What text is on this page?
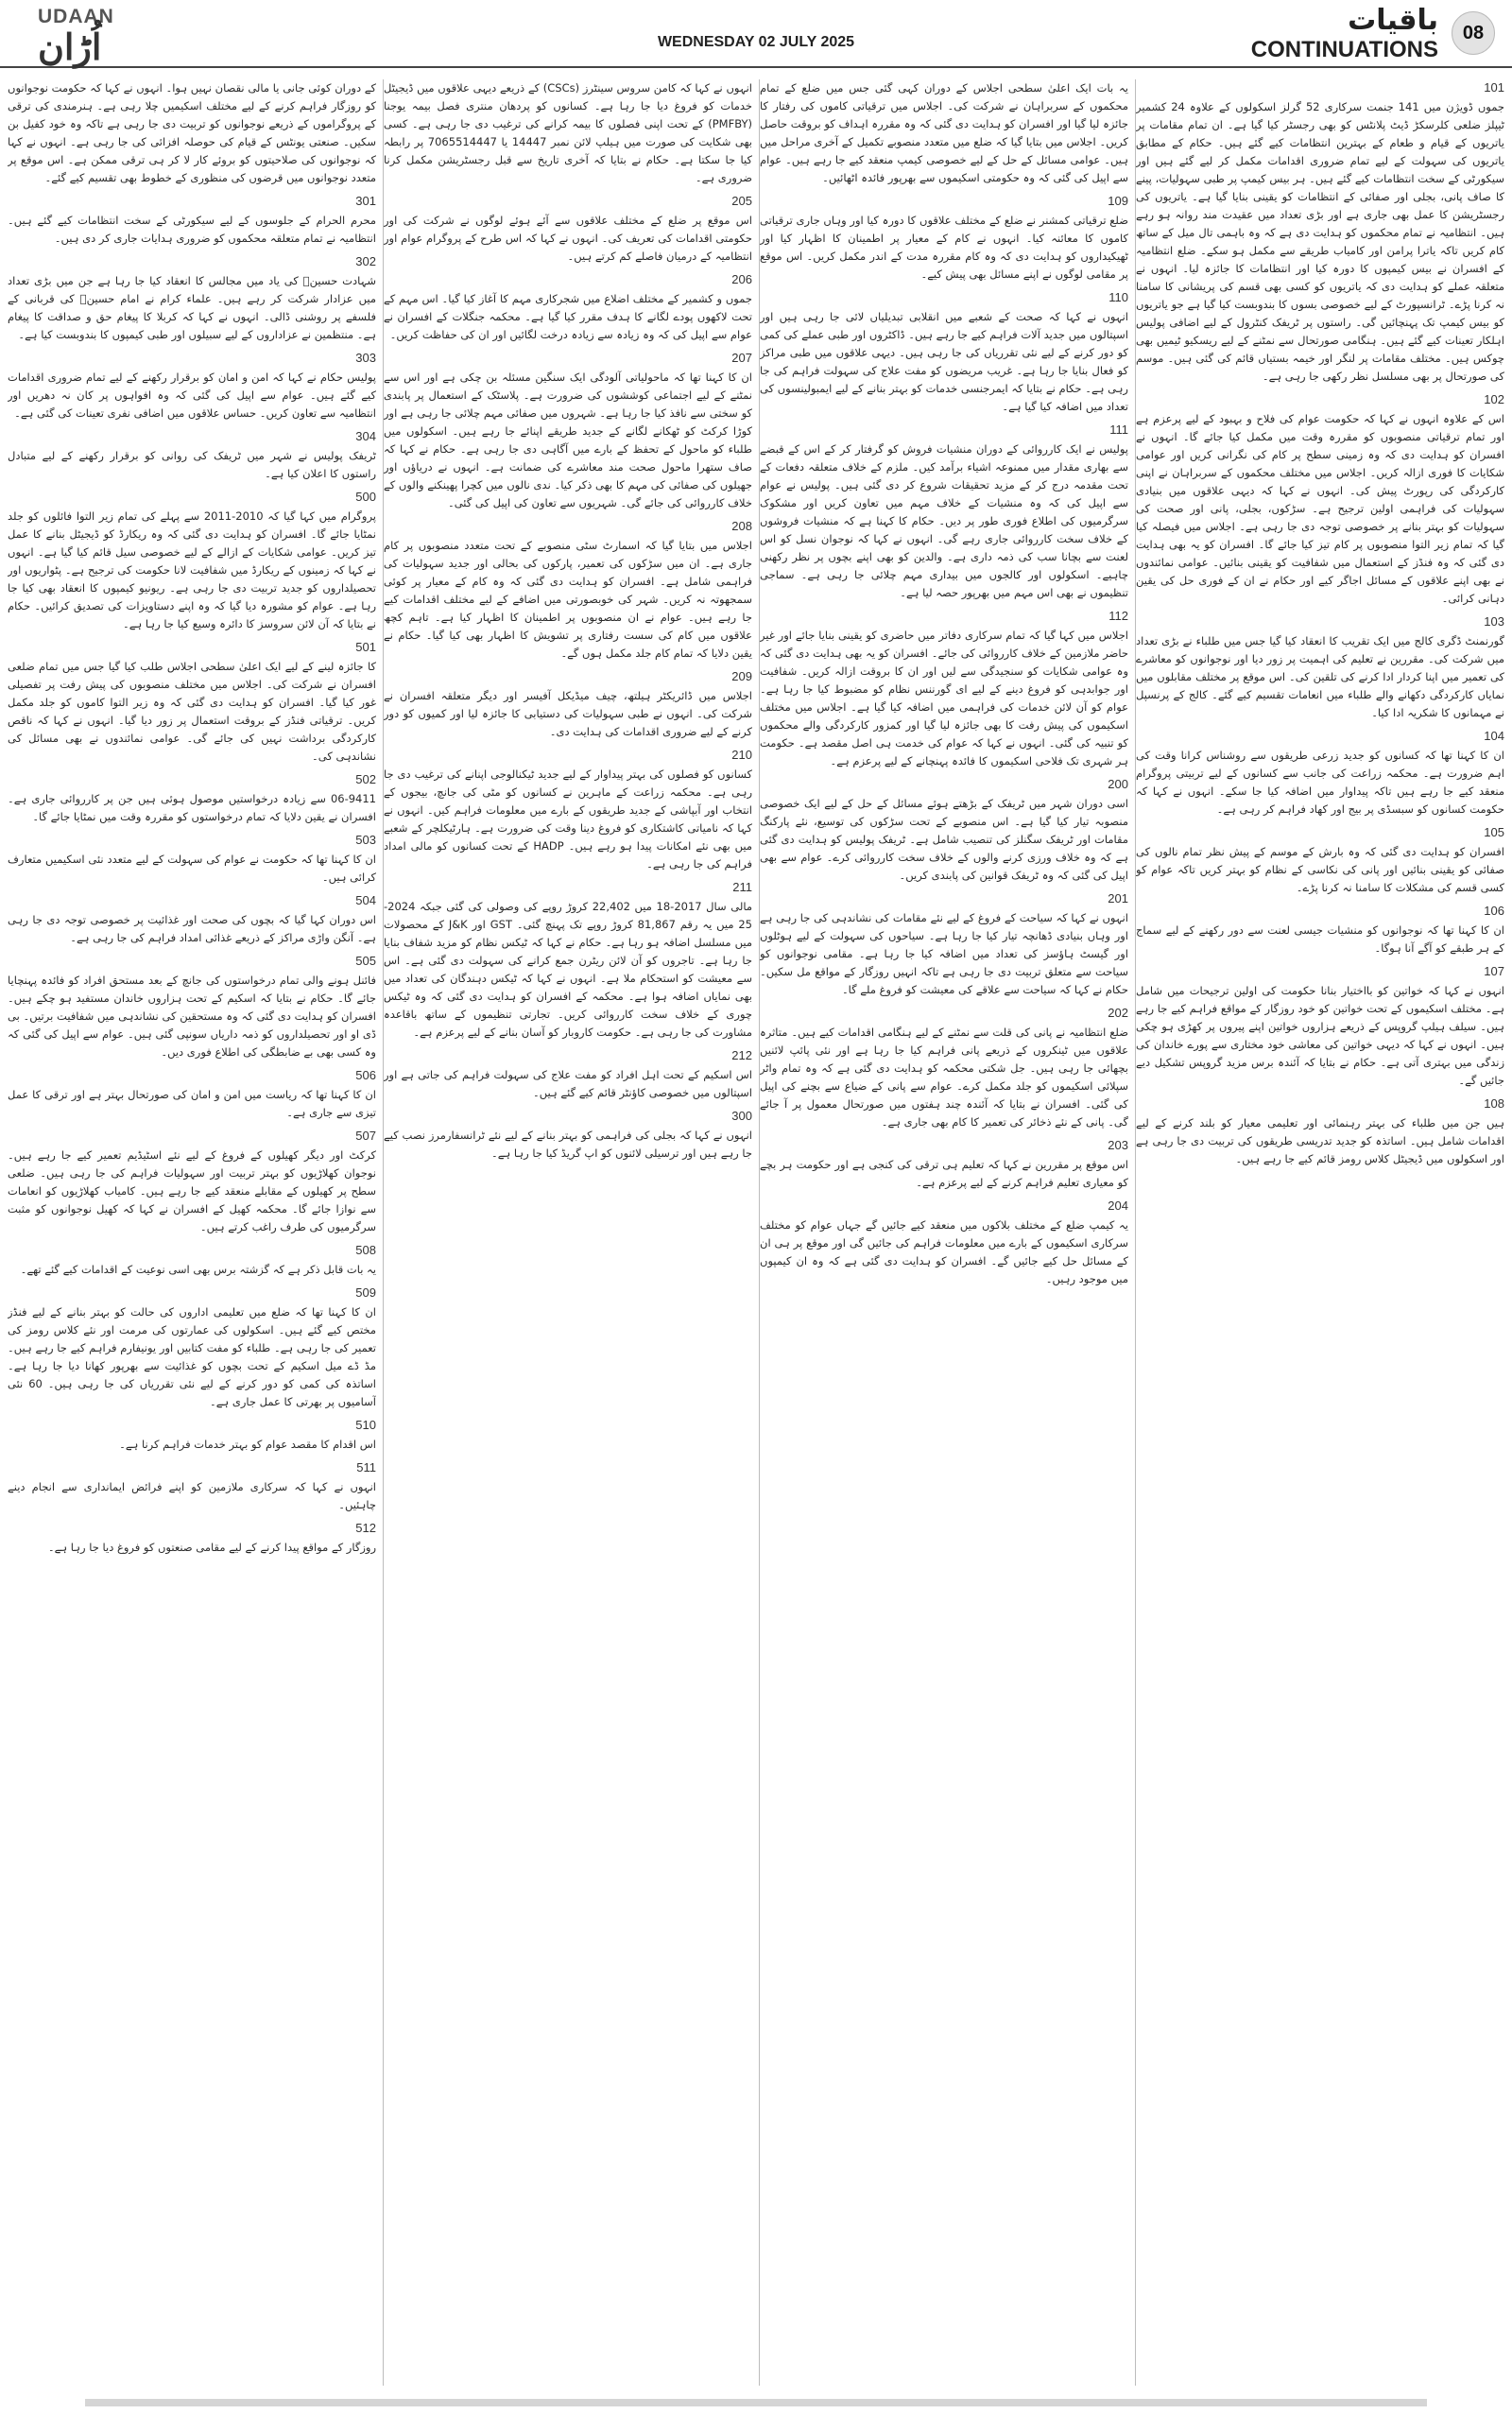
UDAAN
اُڑان	WEDNESDAY 02 JULY 2025
باقیات
CONTINUATIONS
08
101
جموں ڈویژن میں 141 جنمت سرکاری 52 گرلز اسکولوں کے علاوہ 24 کشمیر ٹیپلز ضلعی کلرسکڑ ڈیٹ پلانٹس کو بھی رجسٹر کیا گیا ہے۔ ان تمام مقامات پر یاتریوں کے قیام و طعام کے بہترین انتظامات کیے گئے ہیں۔ حکام کے مطابق یاتریوں کی سہولت کے لیے تمام ضروری اقدامات مکمل کر لیے گئے ہیں اور سیکورٹی کے سخت انتظامات کیے گئے ہیں۔ ہر بیس کیمپ پر طبی سہولیات، پینے کا صاف پانی، بجلی اور صفائی کے انتظامات کو یقینی بنایا گیا ہے۔ یاتریوں کی رجسٹریشن کا عمل بھی جاری ہے اور بڑی تعداد میں عقیدت مند روانہ ہو رہے ہیں۔ انتظامیہ نے تمام محکموں کو ہدایت دی ہے کہ وہ باہمی تال میل کے ساتھ کام کریں تاکہ یاترا پرامن اور کامیاب طریقے سے مکمل ہو سکے۔ ضلع انتظامیہ کے افسران نے بیس کیمپوں کا دورہ کیا اور انتظامات کا جائزہ لیا۔ انہوں نے متعلقہ عملے کو ہدایت دی کہ یاتریوں کو کسی بھی قسم کی پریشانی کا سامنا نہ کرنا پڑے۔ ٹرانسپورٹ کے لیے خصوصی بسوں کا بندوبست کیا گیا ہے جو یاتریوں کو بیس کیمپ تک پہنچائیں گی۔ راستوں پر ٹریفک کنٹرول کے لیے اضافی پولیس اہلکار تعینات کیے گئے ہیں۔ ہنگامی صورتحال سے نمٹنے کے لیے ریسکیو ٹیمیں بھی چوکس ہیں۔ مختلف مقامات پر لنگر اور خیمہ بستیاں قائم کی گئی ہیں۔ موسم کی صورتحال پر بھی مسلسل نظر رکھی جا رہی ہے۔
102
اس کے علاوہ انہوں نے کہا کہ حکومت عوام کی فلاح و بہبود کے لیے پرعزم ہے اور تمام ترقیاتی منصوبوں کو مقررہ وقت میں مکمل کیا جائے گا۔ انہوں نے افسران کو ہدایت دی کہ وہ زمینی سطح پر کام کی نگرانی کریں اور عوامی شکایات کا فوری ازالہ کریں۔ اجلاس میں مختلف محکموں کے سربراہان نے اپنی کارکردگی کی رپورٹ پیش کی۔ انہوں نے کہا کہ دیہی علاقوں میں بنیادی سہولیات کی فراہمی اولین ترجیح ہے۔ سڑکوں، بجلی، پانی اور صحت کی سہولیات کو بہتر بنانے پر خصوصی توجہ دی جا رہی ہے۔ اجلاس میں فیصلہ کیا گیا کہ تمام زیر التوا منصوبوں پر کام تیز کیا جائے گا۔ افسران کو یہ بھی ہدایت دی گئی کہ وہ فنڈز کے استعمال میں شفافیت کو یقینی بنائیں۔ عوامی نمائندوں نے بھی اپنے علاقوں کے مسائل اجاگر کیے اور حکام نے ان کے فوری حل کی یقین دہانی کرائی۔
103
گورنمنٹ ڈگری کالج میں ایک تقریب کا انعقاد کیا گیا جس میں طلباء نے بڑی تعداد میں شرکت کی۔ مقررین نے تعلیم کی اہمیت پر زور دیا اور نوجوانوں کو معاشرے کی تعمیر میں اپنا کردار ادا کرنے کی تلقین کی۔ اس موقع پر مختلف مقابلوں میں نمایاں کارکردگی دکھانے والے طلباء میں انعامات تقسیم کیے گئے۔ کالج کے پرنسپل نے مہمانوں کا شکریہ ادا کیا۔
104
ان کا کہنا تھا کہ کسانوں کو جدید زرعی طریقوں سے روشناس کرانا وقت کی اہم ضرورت ہے۔ محکمہ زراعت کی جانب سے کسانوں کے لیے تربیتی پروگرام منعقد کیے جا رہے ہیں تاکہ پیداوار میں اضافہ کیا جا سکے۔ انہوں نے کہا کہ حکومت کسانوں کو سبسڈی پر بیج اور کھاد فراہم کر رہی ہے۔
105
افسران کو ہدایت دی گئی کہ وہ بارش کے موسم کے پیش نظر تمام نالوں کی صفائی کو یقینی بنائیں اور پانی کی نکاسی کے نظام کو بہتر کریں تاکہ عوام کو کسی قسم کی مشکلات کا سامنا نہ کرنا پڑے۔
106
ان کا کہنا تھا کہ نوجوانوں کو منشیات جیسی لعنت سے دور رکھنے کے لیے سماج کے ہر طبقے کو آگے آنا ہوگا۔
107
انہوں نے کہا کہ خواتین کو بااختیار بنانا حکومت کی اولین ترجیحات میں شامل ہے۔ مختلف اسکیموں کے تحت خواتین کو خود روزگار کے مواقع فراہم کیے جا رہے ہیں۔ سیلف ہیلپ گروپس کے ذریعے ہزاروں خواتین اپنے پیروں پر کھڑی ہو چکی ہیں۔ انہوں نے کہا کہ دیہی خواتین کی معاشی خود مختاری سے پورے خاندان کی زندگی میں بہتری آتی ہے۔ حکام نے بتایا کہ آئندہ برس مزید گروپس تشکیل دیے جائیں گے۔
108
ہیں جن میں طلباء کی بہتر رہنمائی اور تعلیمی معیار کو بلند کرنے کے لیے اقدامات شامل ہیں۔ اساتذہ کو جدید تدریسی طریقوں کی تربیت دی جا رہی ہے اور اسکولوں میں ڈیجیٹل کلاس رومز قائم کیے جا رہے ہیں۔
یہ بات ایک اعلیٰ سطحی اجلاس کے دوران کہی گئی جس میں ضلع کے تمام محکموں کے سربراہان نے شرکت کی۔ اجلاس میں ترقیاتی کاموں کی رفتار کا جائزہ لیا گیا اور افسران کو ہدایت دی گئی کہ وہ مقررہ اہداف کو بروقت حاصل کریں۔ اجلاس میں بتایا گیا کہ ضلع میں متعدد منصوبے تکمیل کے آخری مراحل میں ہیں۔ عوامی مسائل کے حل کے لیے خصوصی کیمپ منعقد کیے جا رہے ہیں۔ عوام سے اپیل کی گئی کہ وہ حکومتی اسکیموں سے بھرپور فائدہ اٹھائیں۔
109
ضلع ترقیاتی کمشنر نے ضلع کے مختلف علاقوں کا دورہ کیا اور وہاں جاری ترقیاتی کاموں کا معائنہ کیا۔ انہوں نے کام کے معیار پر اطمینان کا اظہار کیا اور ٹھیکیداروں کو ہدایت دی کہ وہ کام مقررہ مدت کے اندر مکمل کریں۔ اس موقع پر مقامی لوگوں نے اپنے مسائل بھی پیش کیے۔
110
انہوں نے کہا کہ صحت کے شعبے میں انقلابی تبدیلیاں لائی جا رہی ہیں اور اسپتالوں میں جدید آلات فراہم کیے جا رہے ہیں۔ ڈاکٹروں اور طبی عملے کی کمی کو دور کرنے کے لیے نئی تقرریاں کی جا رہی ہیں۔ دیہی علاقوں میں طبی مراکز کو فعال بنایا جا رہا ہے۔ غریب مریضوں کو مفت علاج کی سہولت فراہم کی جا رہی ہے۔ حکام نے بتایا کہ ایمرجنسی خدمات کو بہتر بنانے کے لیے ایمبولینسوں کی تعداد میں اضافہ کیا گیا ہے۔
111
پولیس نے ایک کارروائی کے دوران منشیات فروش کو گرفتار کر کے اس کے قبضے سے بھاری مقدار میں ممنوعہ اشیاء برآمد کیں۔ ملزم کے خلاف متعلقہ دفعات کے تحت مقدمہ درج کر کے مزید تحقیقات شروع کر دی گئی ہیں۔ پولیس نے عوام سے اپیل کی کہ وہ منشیات کے خلاف مہم میں تعاون کریں اور مشکوک سرگرمیوں کی اطلاع فوری طور پر دیں۔ حکام کا کہنا ہے کہ منشیات فروشوں کے خلاف سخت کارروائی جاری رہے گی۔ انہوں نے کہا کہ نوجوان نسل کو اس لعنت سے بچانا سب کی ذمہ داری ہے۔ والدین کو بھی اپنے بچوں پر نظر رکھنی چاہیے۔ اسکولوں اور کالجوں میں بیداری مہم چلائی جا رہی ہے۔ سماجی تنظیموں نے بھی اس مہم میں بھرپور حصہ لیا ہے۔
112
اجلاس میں کہا گیا کہ تمام سرکاری دفاتر میں حاضری کو یقینی بنایا جائے اور غیر حاضر ملازمین کے خلاف کارروائی کی جائے۔ افسران کو یہ بھی ہدایت دی گئی کہ وہ عوامی شکایات کو سنجیدگی سے لیں اور ان کا بروقت ازالہ کریں۔ شفافیت اور جوابدہی کو فروغ دینے کے لیے ای گورننس نظام کو مضبوط کیا جا رہا ہے۔ عوام کو آن لائن خدمات کی فراہمی میں اضافہ کیا گیا ہے۔ اجلاس میں مختلف اسکیموں کی پیش رفت کا بھی جائزہ لیا گیا اور کمزور کارکردگی والے محکموں کو تنبیہ کی گئی۔ انہوں نے کہا کہ عوام کی خدمت ہی اصل مقصد ہے۔ حکومت ہر شہری تک فلاحی اسکیموں کا فائدہ پہنچانے کے لیے پرعزم ہے۔
200
اسی دوران شہر میں ٹریفک کے بڑھتے ہوئے مسائل کے حل کے لیے ایک خصوصی منصوبہ تیار کیا گیا ہے۔ اس منصوبے کے تحت سڑکوں کی توسیع، نئے پارکنگ مقامات اور ٹریفک سگنلز کی تنصیب شامل ہے۔ ٹریفک پولیس کو ہدایت دی گئی ہے کہ وہ خلاف ورزی کرنے والوں کے خلاف سخت کارروائی کرے۔ عوام سے بھی اپیل کی گئی کہ وہ ٹریفک قوانین کی پابندی کریں۔
201
انہوں نے کہا کہ سیاحت کے فروغ کے لیے نئے مقامات کی نشاندہی کی جا رہی ہے اور وہاں بنیادی ڈھانچہ تیار کیا جا رہا ہے۔ سیاحوں کی سہولت کے لیے ہوٹلوں اور گیسٹ ہاؤسز کی تعداد میں اضافہ کیا جا رہا ہے۔ مقامی نوجوانوں کو سیاحت سے متعلق تربیت دی جا رہی ہے تاکہ انہیں روزگار کے مواقع مل سکیں۔ حکام نے کہا کہ سیاحت سے علاقے کی معیشت کو فروغ ملے گا۔
202
ضلع انتظامیہ نے پانی کی قلت سے نمٹنے کے لیے ہنگامی اقدامات کیے ہیں۔ متاثرہ علاقوں میں ٹینکروں کے ذریعے پانی فراہم کیا جا رہا ہے اور نئی پائپ لائنیں بچھائی جا رہی ہیں۔ جل شکتی محکمہ کو ہدایت دی گئی ہے کہ وہ تمام واٹر سپلائی اسکیموں کو جلد مکمل کرے۔ عوام سے پانی کے ضیاع سے بچنے کی اپیل کی گئی۔ افسران نے بتایا کہ آئندہ چند ہفتوں میں صورتحال معمول پر آ جائے گی۔ پانی کے نئے ذخائر کی تعمیر کا کام بھی جاری ہے۔
203
اس موقع پر مقررین نے کہا کہ تعلیم ہی ترقی کی کنجی ہے اور حکومت ہر بچے کو معیاری تعلیم فراہم کرنے کے لیے پرعزم ہے۔
204
یہ کیمپ ضلع کے مختلف بلاکوں میں منعقد کیے جائیں گے جہاں عوام کو مختلف سرکاری اسکیموں کے بارے میں معلومات فراہم کی جائیں گی اور موقع پر ہی ان کے مسائل حل کیے جائیں گے۔ افسران کو ہدایت دی گئی ہے کہ وہ ان کیمپوں میں موجود رہیں۔
انہوں نے کہا کہ کامن سروس سینٹرز (CSCs) کے ذریعے دیہی علاقوں میں ڈیجیٹل خدمات کو فروغ دیا جا رہا ہے۔ کسانوں کو پردھان منتری فصل بیمہ یوجنا (PMFBY) کے تحت اپنی فصلوں کا بیمہ کرانے کی ترغیب دی جا رہی ہے۔ کسی بھی شکایت کی صورت میں ہیلپ لائن نمبر 14447 یا 7065514447 پر رابطہ کیا جا سکتا ہے۔ حکام نے بتایا کہ آخری تاریخ سے قبل رجسٹریشن مکمل کرنا ضروری ہے۔
205
اس موقع پر ضلع کے مختلف علاقوں سے آئے ہوئے لوگوں نے شرکت کی اور حکومتی اقدامات کی تعریف کی۔ انہوں نے کہا کہ اس طرح کے پروگرام عوام اور انتظامیہ کے درمیان فاصلے کم کرتے ہیں۔
206
جموں و کشمیر کے مختلف اضلاع میں شجرکاری مہم کا آغاز کیا گیا۔ اس مہم کے تحت لاکھوں پودے لگانے کا ہدف مقرر کیا گیا ہے۔ محکمہ جنگلات کے افسران نے عوام سے اپیل کی کہ وہ زیادہ سے زیادہ درخت لگائیں اور ان کی حفاظت کریں۔
207
ان کا کہنا تھا کہ ماحولیاتی آلودگی ایک سنگین مسئلہ بن چکی ہے اور اس سے نمٹنے کے لیے اجتماعی کوششوں کی ضرورت ہے۔ پلاسٹک کے استعمال پر پابندی کو سختی سے نافذ کیا جا رہا ہے۔ شہروں میں صفائی مہم چلائی جا رہی ہے اور کوڑا کرکٹ کو ٹھکانے لگانے کے جدید طریقے اپنائے جا رہے ہیں۔ اسکولوں میں طلباء کو ماحول کے تحفظ کے بارے میں آگاہی دی جا رہی ہے۔ حکام نے کہا کہ صاف ستھرا ماحول صحت مند معاشرے کی ضمانت ہے۔ انہوں نے دریاؤں اور جھیلوں کی صفائی کی مہم کا بھی ذکر کیا۔ ندی نالوں میں کچرا پھینکنے والوں کے خلاف کارروائی کی جائے گی۔ شہریوں سے تعاون کی اپیل کی گئی۔
208
اجلاس میں بتایا گیا کہ اسمارٹ سٹی منصوبے کے تحت متعدد منصوبوں پر کام جاری ہے۔ ان میں سڑکوں کی تعمیر، پارکوں کی بحالی اور جدید سہولیات کی فراہمی شامل ہے۔ افسران کو ہدایت دی گئی کہ وہ کام کے معیار پر کوئی سمجھوتہ نہ کریں۔ شہر کی خوبصورتی میں اضافے کے لیے مختلف اقدامات کیے جا رہے ہیں۔ عوام نے ان منصوبوں پر اطمینان کا اظہار کیا ہے۔ تاہم کچھ علاقوں میں کام کی سست رفتاری پر تشویش کا اظہار بھی کیا گیا۔ حکام نے یقین دلایا کہ تمام کام جلد مکمل ہوں گے۔
209
اجلاس میں ڈائریکٹر ہیلتھ، چیف میڈیکل آفیسر اور دیگر متعلقہ افسران نے شرکت کی۔ انہوں نے طبی سہولیات کی دستیابی کا جائزہ لیا اور کمیوں کو دور کرنے کے لیے ضروری اقدامات کی ہدایت دی۔
210
کسانوں کو فصلوں کی بہتر پیداوار کے لیے جدید ٹیکنالوجی اپنانے کی ترغیب دی جا رہی ہے۔ محکمہ زراعت کے ماہرین نے کسانوں کو مٹی کی جانچ، بیجوں کے انتخاب اور آبپاشی کے جدید طریقوں کے بارے میں معلومات فراہم کیں۔ انہوں نے کہا کہ نامیاتی کاشتکاری کو فروغ دینا وقت کی ضرورت ہے۔ ہارٹیکلچر کے شعبے میں بھی نئے امکانات پیدا ہو رہے ہیں۔ HADP کے تحت کسانوں کو مالی امداد فراہم کی جا رہی ہے۔
211
مالی سال 2017-18 میں 22,402 کروڑ روپے کی وصولی کی گئی جبکہ 2024-25 میں یہ رقم 81,867 کروڑ روپے تک پہنچ گئی۔ GST اور J&K کے محصولات میں مسلسل اضافہ ہو رہا ہے۔ حکام نے کہا کہ ٹیکس نظام کو مزید شفاف بنایا جا رہا ہے۔ تاجروں کو آن لائن ریٹرن جمع کرانے کی سہولت دی گئی ہے۔ اس سے معیشت کو استحکام ملا ہے۔ انہوں نے کہا کہ ٹیکس دہندگان کی تعداد میں بھی نمایاں اضافہ ہوا ہے۔ محکمہ کے افسران کو ہدایت دی گئی کہ وہ ٹیکس چوری کے خلاف سخت کارروائی کریں۔ تجارتی تنظیموں کے ساتھ باقاعدہ مشاورت کی جا رہی ہے۔ حکومت کاروبار کو آسان بنانے کے لیے پرعزم ہے۔
212
اس اسکیم کے تحت اہل افراد کو مفت علاج کی سہولت فراہم کی جاتی ہے اور اسپتالوں میں خصوصی کاؤنٹر قائم کیے گئے ہیں۔
300
انہوں نے کہا کہ بجلی کی فراہمی کو بہتر بنانے کے لیے نئے ٹرانسفارمرز نصب کیے جا رہے ہیں اور ترسیلی لائنوں کو اپ گریڈ کیا جا رہا ہے۔
کے دوران کوئی جانی یا مالی نقصان نہیں ہوا۔ انہوں نے کہا کہ حکومت نوجوانوں کو روزگار فراہم کرنے کے لیے مختلف اسکیمیں چلا رہی ہے۔ ہنرمندی کی ترقی کے پروگراموں کے ذریعے نوجوانوں کو تربیت دی جا رہی ہے تاکہ وہ خود کفیل بن سکیں۔ صنعتی یونٹس کے قیام کی حوصلہ افزائی کی جا رہی ہے۔ انہوں نے کہا کہ نوجوانوں کی صلاحیتوں کو بروئے کار لا کر ہی ترقی ممکن ہے۔ اس موقع پر متعدد نوجوانوں میں قرضوں کی منظوری کے خطوط بھی تقسیم کیے گئے۔
301
محرم الحرام کے جلوسوں کے لیے سیکورٹی کے سخت انتظامات کیے گئے ہیں۔ انتظامیہ نے تمام متعلقہ محکموں کو ضروری ہدایات جاری کر دی ہیں۔
302
شہادت حسینؓ کی یاد میں مجالس کا انعقاد کیا جا رہا ہے جن میں بڑی تعداد میں عزادار شرکت کر رہے ہیں۔ علماء کرام نے امام حسینؓ کی قربانی کے فلسفے پر روشنی ڈالی۔ انہوں نے کہا کہ کربلا کا پیغام حق و صداقت کا پیغام ہے۔ منتظمین نے عزاداروں کے لیے سبیلوں اور طبی کیمپوں کا بندوبست کیا ہے۔
303
پولیس حکام نے کہا کہ امن و امان کو برقرار رکھنے کے لیے تمام ضروری اقدامات کیے گئے ہیں۔ عوام سے اپیل کی گئی کہ وہ افواہوں پر کان نہ دھریں اور انتظامیہ سے تعاون کریں۔ حساس علاقوں میں اضافی نفری تعینات کی گئی ہے۔
304
ٹریفک پولیس نے شہر میں ٹریفک کی روانی کو برقرار رکھنے کے لیے متبادل راستوں کا اعلان کیا ہے۔
500
پروگرام میں کہا گیا کہ 2010-2011 سے پہلے کی تمام زیر التوا فائلوں کو جلد نمٹایا جائے گا۔ افسران کو ہدایت دی گئی کہ وہ ریکارڈ کو ڈیجیٹل بنانے کا عمل تیز کریں۔ عوامی شکایات کے ازالے کے لیے خصوصی سیل قائم کیا گیا ہے۔ انہوں نے کہا کہ زمینوں کے ریکارڈ میں شفافیت لانا حکومت کی ترجیح ہے۔ پٹواریوں اور تحصیلداروں کو جدید تربیت دی جا رہی ہے۔ ریونیو کیمپوں کا انعقاد بھی کیا جا رہا ہے۔ عوام کو مشورہ دیا گیا کہ وہ اپنے دستاویزات کی تصدیق کرائیں۔ حکام نے بتایا کہ آن لائن سروسز کا دائرہ وسیع کیا جا رہا ہے۔
501
کا جائزہ لینے کے لیے ایک اعلیٰ سطحی اجلاس طلب کیا گیا جس میں تمام ضلعی افسران نے شرکت کی۔ اجلاس میں مختلف منصوبوں کی پیش رفت پر تفصیلی غور کیا گیا۔ افسران کو ہدایت دی گئی کہ وہ زیر التوا کاموں کو جلد مکمل کریں۔ ترقیاتی فنڈز کے بروقت استعمال پر زور دیا گیا۔ انہوں نے کہا کہ ناقص کارکردگی برداشت نہیں کی جائے گی۔ عوامی نمائندوں نے بھی مسائل کی نشاندہی کی۔
502
06-9411 سے زیادہ درخواستیں موصول ہوئی ہیں جن پر کارروائی جاری ہے۔ افسران نے یقین دلایا کہ تمام درخواستوں کو مقررہ وقت میں نمٹایا جائے گا۔
503
ان کا کہنا تھا کہ حکومت نے عوام کی سہولت کے لیے متعدد نئی اسکیمیں متعارف کرائی ہیں۔
504
اس دوران کہا گیا کہ بچوں کی صحت اور غذائیت پر خصوصی توجہ دی جا رہی ہے۔ آنگن واڑی مراکز کے ذریعے غذائی امداد فراہم کی جا رہی ہے۔
505
فائنل ہونے والی تمام درخواستوں کی جانچ کے بعد مستحق افراد کو فائدہ پہنچایا جائے گا۔ حکام نے بتایا کہ اسکیم کے تحت ہزاروں خاندان مستفید ہو چکے ہیں۔ افسران کو ہدایت دی گئی کہ وہ مستحقین کی نشاندہی میں شفافیت برتیں۔ بی ڈی او اور تحصیلداروں کو ذمہ داریاں سونپی گئی ہیں۔ عوام سے اپیل کی گئی کہ وہ کسی بھی بے ضابطگی کی اطلاع فوری دیں۔
506
ان کا کہنا تھا کہ ریاست میں امن و امان کی صورتحال بہتر ہے اور ترقی کا عمل تیزی سے جاری ہے۔
507
کرکٹ اور دیگر کھیلوں کے فروغ کے لیے نئے اسٹیڈیم تعمیر کیے جا رہے ہیں۔ نوجوان کھلاڑیوں کو بہتر تربیت اور سہولیات فراہم کی جا رہی ہیں۔ ضلعی سطح پر کھیلوں کے مقابلے منعقد کیے جا رہے ہیں۔ کامیاب کھلاڑیوں کو انعامات سے نوازا جائے گا۔ محکمہ کھیل کے افسران نے کہا کہ کھیل نوجوانوں کو مثبت سرگرمیوں کی طرف راغب کرتے ہیں۔
508
یہ بات قابل ذکر ہے کہ گزشتہ برس بھی اسی نوعیت کے اقدامات کیے گئے تھے۔
509
ان کا کہنا تھا کہ ضلع میں تعلیمی اداروں کی حالت کو بہتر بنانے کے لیے فنڈز مختص کیے گئے ہیں۔ اسکولوں کی عمارتوں کی مرمت اور نئے کلاس رومز کی تعمیر کی جا رہی ہے۔ طلباء کو مفت کتابیں اور یونیفارم فراہم کیے جا رہے ہیں۔ مڈ ڈے میل اسکیم کے تحت بچوں کو غذائیت سے بھرپور کھانا دیا جا رہا ہے۔ اساتذہ کی کمی کو دور کرنے کے لیے نئی تقرریاں کی جا رہی ہیں۔ 60 نئی آسامیوں پر بھرتی کا عمل جاری ہے۔
510
اس اقدام کا مقصد عوام کو بہتر خدمات فراہم کرنا ہے۔
511
انہوں نے کہا کہ سرکاری ملازمین کو اپنے فرائض ایمانداری سے انجام دینے چاہئیں۔
512
روزگار کے مواقع پیدا کرنے کے لیے مقامی صنعتوں کو فروغ دیا جا رہا ہے۔
